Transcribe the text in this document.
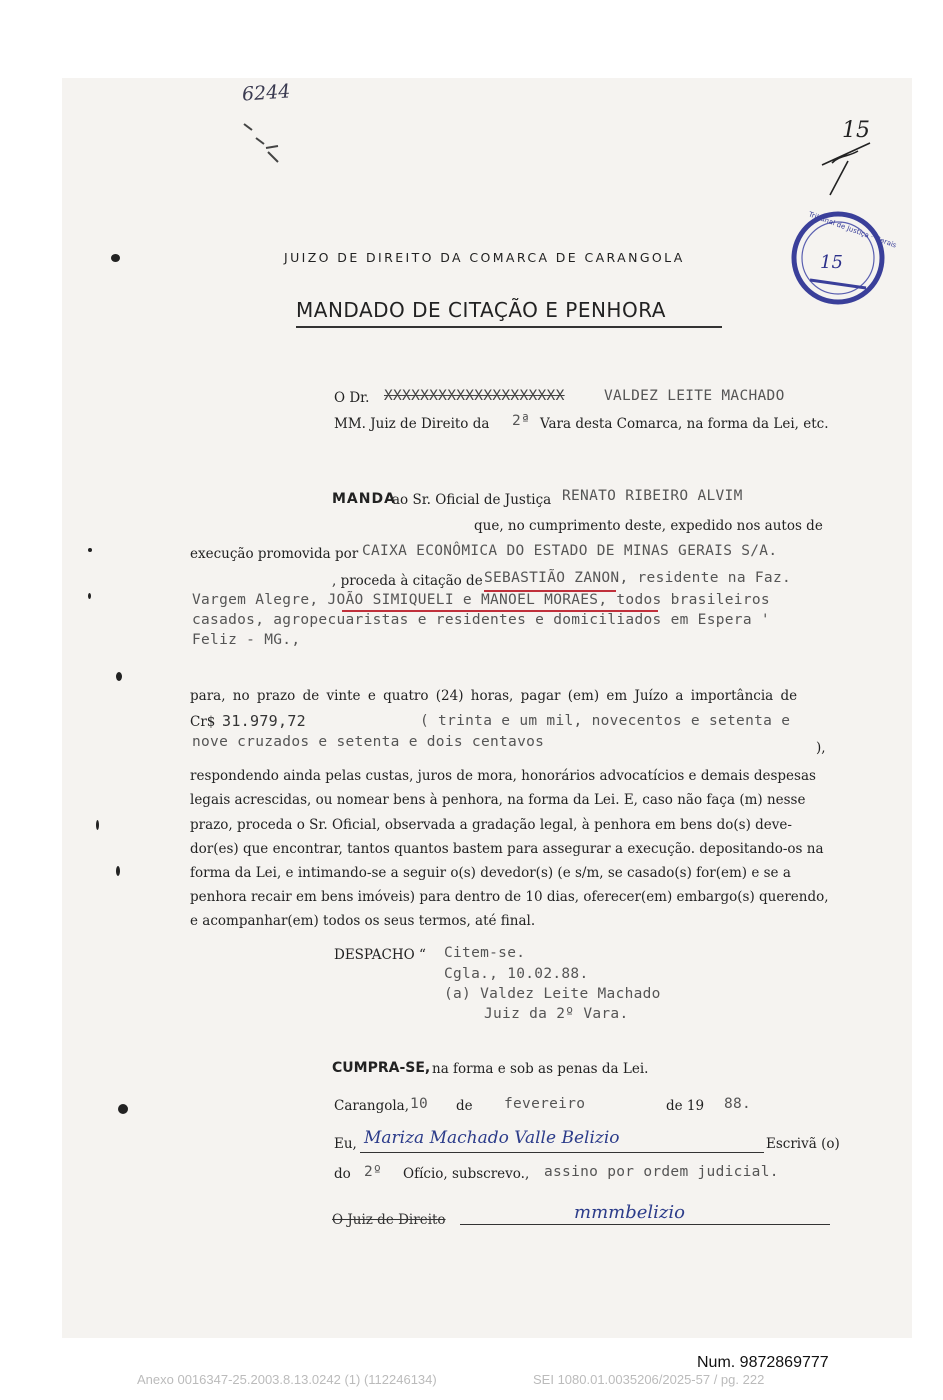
6244
15
15
Tribunal de Justiça · Gerais
JUIZO DE DIREITO DA COMARCA DE CARANGOLA
MANDADO DE CITAÇÃO E PENHORA
O Dr. XXXXXXXXXXXXXXXXXXXX	VALDEZ LEITE MACHADO
MM. Juiz de Direito da 2ª Vara desta Comarca, na forma da Lei, etc.
MANDA
ao Sr. Oficial de Justiça RENATO RIBEIRO ALVIM
que, no cumprimento deste, expedido nos autos de
execução promovida por CAIXA ECONÔMICA DO ESTADO DE MINAS GERAIS S/A.
, proceda à citação de SEBASTIÃO ZANON, residente na Faz.
Vargem Alegre, JOÃO SIMIQUELI e MANOEL MORAES, todos brasileiros
casados, agropecuaristas e residentes e domiciliados em Espera '
Feliz - MG.,
para, no prazo de vinte e quatro (24) horas, pagar (em) em Juízo a importância de
Cr$ 31.979,72	( trinta e um mil, novecentos e setenta e
nove cruzados e setenta e dois centavos	),
respondendo ainda pelas custas, juros de mora, honorários advocatícios e demais despesas
legais acrescidas, ou nomear bens à penhora, na forma da Lei. E, caso não faça (m) nesse
prazo, proceda o Sr. Oficial, observada a gradação legal, à penhora em bens do(s) deve-
dor(es) que encontrar, tantos quantos bastem para assegurar a execução. depositando-os na
forma da Lei, e intimando-se a seguir o(s) devedor(s) (e s/m, se casado(s) for(em) e se a
penhora recair em bens imóveis) para dentro de 10 dias, oferecer(em) embargo(s) querendo,
e acompanhar(em) todos os seus termos, até final.
DESPACHO “ Citem-se.
Cgla., 10.02.88.
(a) Valdez Leite Machado
Juiz da 2º Vara.
CUMPRA-SE, na forma e sob as penas da Lei.
Carangola, 10 de fevereiro	de 19 88.
Eu, Mariza Machado Valle Belizio	Escrivã (o)
do 2º Ofício, subscrevo., assino por ordem judicial.
O Juiz de Direito	mmmbelizio
Num. 9872869777
Anexo 0016347-25.2003.8.13.0242 (1) (112246134)	SEI 1080.01.0035206/2025-57 / pg. 222
